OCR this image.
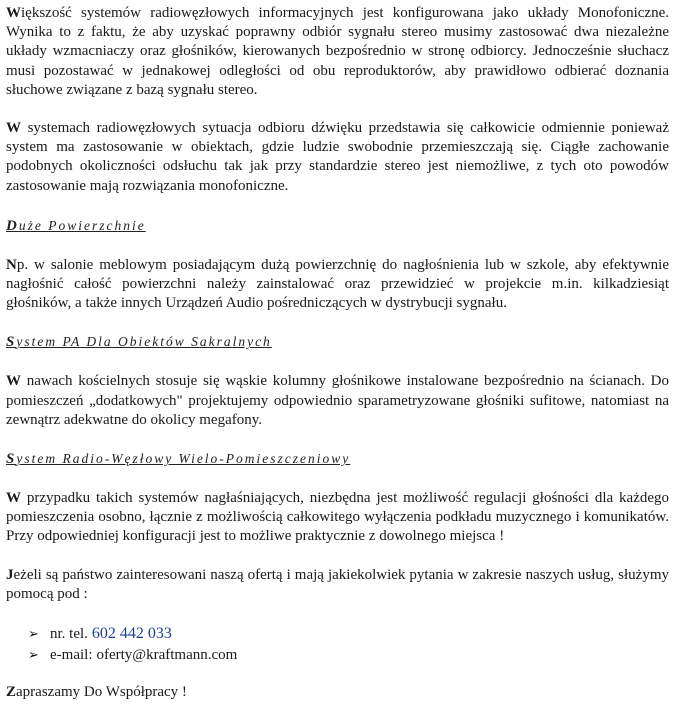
Większość systemów radiowęzłowych informacyjnych jest konfigurowana jako układy Monofoniczne. Wynika to z faktu, że aby uzyskać poprawny odbiór sygnału stereo musimy zastosować dwa niezależne układy wzmacniaczy oraz głośników, kierowanych bezpośrednio w stronę odbiorcy. Jednocześnie słuchacz musi pozostawać w jednakowej odległości od obu reproduktorów, aby prawidłowo odbierać doznania słuchowe związane z bazą sygnału stereo.

W systemach radiowęzłowych sytuacja odbioru dźwięku przedstawia się całkowicie odmiennie ponieważ system ma zastosowanie w obiektach, gdzie ludzie swobodnie przemieszczają się. Ciągłe zachowanie podobnych okoliczności odsłuchu tak jak przy standardzie stereo jest niemożliwe, z tych oto powodów zastosowanie mają rozwiązania monofoniczne.

Duże Powierzchnie

Np. w salonie meblowym posiadającym dużą powierzchnię do nagłośnienia lub w szkole, aby efektywnie nagłośnić całość powierzchni należy zainstalować oraz przewidzieć w projekcie m.in. kilkadziesiąt głośników, a także innych Urządzeń Audio pośredniczących w dystrybucji sygnału.

System PA Dla Obiektów Sakralnych

W nawach kościelnych stosuje się wąskie kolumny głośnikowe instalowane bezpośrednio na ścianach. Do pomieszczeń „dodatkowych" projektujemy odpowiednio sparametryzowane głośniki sufitowe, natomiast na zewnątrz adekwatne do okolicy megafony.

System Radio-Węzłowy Wielo-Pomieszczeniowy

W przypadku takich systemów nagłaśniających, niezbędna jest możliwość regulacji głośności dla każdego pomieszczenia osobno, łącznie z możliwością całkowitego wyłączenia podkładu muzycznego i komunikatów. Przy odpowiedniej konfiguracji jest to możliwe praktycznie z dowolnego miejsca !

Jeżeli są państwo zainteresowani naszą ofertą i mają jakiekolwiek pytania w zakresie naszych usług, służymy pomocą pod :

➢ nr. tel. 602 442 033
➢ e-mail: oferty@kraftmann.com

Zapraszamy Do Współpracy !
